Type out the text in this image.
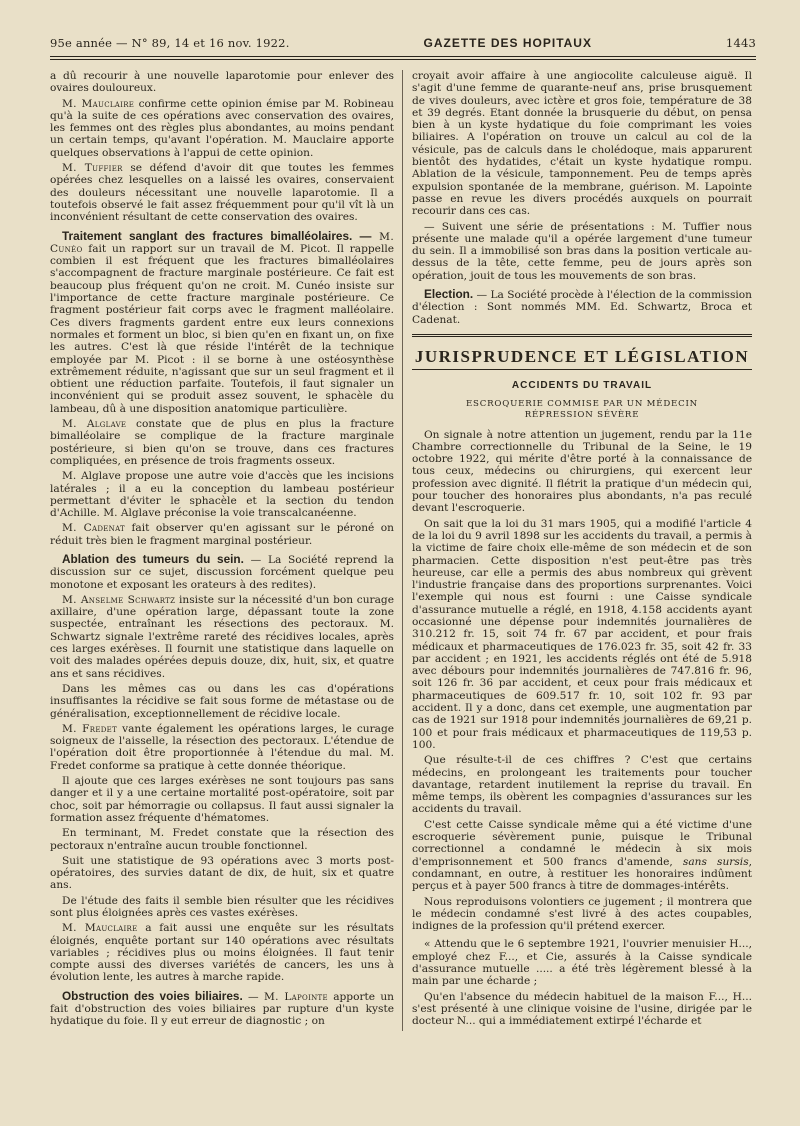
95e année — N° 89, 14 et 16 nov. 1922.	GAZETTE DES HOPITAUX	1443

a dû recourir à une nouvelle laparotomie pour enlever des ovaires douloureux.

M. Mauclaire confirme cette opinion émise par M. Robineau qu'à la suite de ces opérations avec conservation des ovaires, les femmes ont des règles plus abondantes, au moins pendant un certain temps, qu'avant l'opération. M. Mauclaire apporte quelques observations à l'appui de cette opinion.

M. Tuffier se défend d'avoir dit que toutes les femmes opérées chez lesquelles on a laissé les ovaires, conservaient des douleurs nécessitant une nouvelle laparotomie. Il a toutefois observé le fait assez fréquemment pour qu'il vît là un inconvénient résultant de cette conservation des ovaires.

Traitement sanglant des fractures bimalléolaires. — M. Cunéo fait un rapport sur un travail de M. Picot. Il rappelle combien il est fréquent que les fractures bimalléolaires s'accompagnent de fracture marginale postérieure. Ce fait est beaucoup plus fréquent qu'on ne croit. M. Cunéo insiste sur l'importance de cette fracture marginale postérieure. Ce fragment postérieur fait corps avec le fragment malléolaire. Ces divers fragments gardent entre eux leurs connexions normales et forment un bloc, si bien qu'en en fixant un, on fixe les autres. C'est là que réside l'intérêt de la technique employée par M. Picot : il se borne à une ostéosynthèse extrêmement réduite, n'agissant que sur un seul fragment et il obtient une réduction parfaite. Toutefois, il faut signaler un inconvénient qui se produit assez souvent, le sphacèle du lambeau, dû à une disposition anatomique particulière.

M. Alglave constate que de plus en plus la fracture bimalléolaire se complique de la fracture marginale postérieure, si bien qu'on se trouve, dans ces fractures compliquées, en présence de trois fragments osseux.

M. Alglave propose une autre voie d'accès que les incisions latérales ; il a eu la conception du lambeau postérieur permettant d'éviter le sphacèle et la section du tendon d'Achille. M. Alglave préconise la voie transcalcanéenne.

M. Cadenat fait observer qu'en agissant sur le péroné on réduit très bien le fragment marginal postérieur.

Ablation des tumeurs du sein. — La Société reprend la discussion sur ce sujet, discussion forcément quelque peu monotone et exposant les orateurs à des redites).

M. Anselme Schwartz insiste sur la nécessité d'un bon curage axillaire, d'une opération large, dépassant toute la zone suspectée, entraînant les résections des pectoraux. M. Schwartz signale l'extrême rareté des récidives locales, après ces larges exérèses. Il fournit une statistique dans laquelle on voit des malades opérées depuis douze, dix, huit, six, et quatre ans et sans récidives.

Dans les mêmes cas ou dans les cas d'opérations insuffisantes la récidive se fait sous forme de métastase ou de généralisation, exceptionnellement de récidive locale.

M. Fredet vante également les opérations larges, le curage soigneux de l'aisselle, la résection des pectoraux. L'étendue de l'opération doit être proportionnée à l'étendue du mal. M. Fredet conforme sa pratique à cette donnée théorique.

Il ajoute que ces larges exérèses ne sont toujours pas sans danger et il y a une certaine mortalité post-opératoire, soit par choc, soit par hémorragie ou collapsus. Il faut aussi signaler la formation assez fréquente d'hématomes.

En terminant, M. Fredet constate que la résection des pectoraux n'entraîne aucun trouble fonctionnel.

Suit une statistique de 93 opérations avec 3 morts post-opératoires, des survies datant de dix, de huit, six et quatre ans.

De l'étude des faits il semble bien résulter que les récidives sont plus éloignées après ces vastes exérèses.

M. Mauclaire a fait aussi une enquête sur les résultats éloignés, enquête portant sur 140 opérations avec résultats variables ; récidives plus ou moins éloignées. Il faut tenir compte aussi des diverses variétés de cancers, les uns à évolution lente, les autres à marche rapide.

Obstruction des voies biliaires. — M. Lapointe apporte un fait d'obstruction des voies biliaires par rupture d'un kyste hydatique du foie. Il y eut erreur de diagnostic ; on

croyait avoir affaire à une angiocolite calculeuse aiguë. Il s'agit d'une femme de quarante-neuf ans, prise brusquement de vives douleurs, avec ictère et gros foie, température de 38 et 39 degrés. Etant donnée la brusquerie du début, on pensa bien à un kyste hydatique du foie comprimant les voies biliaires. A l'opération on trouve un calcul au col de la vésicule, pas de calculs dans le cholédoque, mais apparurent bientôt des hydatides, c'était un kyste hydatique rompu. Ablation de la vésicule, tamponnement. Peu de temps après expulsion spontanée de la membrane, guérison. M. Lapointe passe en revue les divers procédés auxquels on pourrait recourir dans ces cas.

— Suivent une série de présentations : M. Tuffier nous présente une malade qu'il a opérée largement d'une tumeur du sein. Il a immobilisé son bras dans la position verticale au-dessus de la tête, cette femme, peu de jours après son opération, jouit de tous les mouvements de son bras.

Election. — La Société procède à l'élection de la commission d'élection : Sont nommés MM. Ed. Schwartz, Broca et Cadenat.

JURISPRUDENCE ET LÉGISLATION
ACCIDENTS DU TRAVAIL
ESCROQUERIE COMMISE PAR UN MÉDECIN
RÉPRESSION SÉVÈRE

On signale à notre attention un jugement, rendu par la 11e Chambre correctionnelle du Tribunal de la Seine, le 19 octobre 1922, qui mérite d'être porté à la connaissance de tous ceux, médecins ou chirurgiens, qui exercent leur profession avec dignité. Il flétrit la pratique d'un médecin qui, pour toucher des honoraires plus abondants, n'a pas reculé devant l'escroquerie.

On sait que la loi du 31 mars 1905, qui a modifié l'article 4 de la loi du 9 avril 1898 sur les accidents du travail, a permis à la victime de faire choix elle-même de son médecin et de son pharmacien. Cette disposition n'est peut-être pas très heureuse, car elle a permis des abus nombreux qui grèvent l'industrie française dans des proportions surprenantes. Voici l'exemple qui nous est fourni : une Caisse syndicale d'assurance mutuelle a réglé, en 1918, 4.158 accidents ayant occasionné une dépense pour indemnités journalières de 310.212 fr. 15, soit 74 fr. 67 par accident, et pour frais médicaux et pharmaceutiques de 176.023 fr. 35, soit 42 fr. 33 par accident ; en 1921, les accidents réglés ont été de 5.918 avec débours pour indemnités journalières de 747.816 fr. 96, soit 126 fr. 36 par accident, et ceux pour frais médicaux et pharmaceutiques de 609.517 fr. 10, soit 102 fr. 93 par accident. Il y a donc, dans cet exemple, une augmentation par cas de 1921 sur 1918 pour indemnités journalières de 69,21 p. 100 et pour frais médicaux et pharmaceutiques de 119,53 p. 100.

Que résulte-t-il de ces chiffres ? C'est que certains médecins, en prolongeant les traitements pour toucher davantage, retardent inutilement la reprise du travail. En même temps, ils obèrent les compagnies d'assurances sur les accidents du travail.

C'est cette Caisse syndicale même qui a été victime d'une escroquerie sévèrement punie, puisque le Tribunal correctionnel a condamné le médecin à six mois d'emprisonnement et 500 francs d'amende, sans sursis, condamnant, en outre, à restituer les honoraires indûment perçus et à payer 500 francs à titre de dommages-intérêts.

Nous reproduisons volontiers ce jugement ; il montrera que le médecin condamné s'est livré à des actes coupables, indignes de la profession qu'il prétend exercer.

« Attendu que le 6 septembre 1921, l'ouvrier menuisier H..., employé chez F..., et Cie, assurés à la Caisse syndicale d'assurance mutuelle ..... a été très légèrement blessé à la main par une écharde ;

Qu'en l'absence du médecin habituel de la maison F..., H... s'est présenté à une clinique voisine de l'usine, dirigée par le docteur N... qui a immédiatement extirpé l'écharde et
